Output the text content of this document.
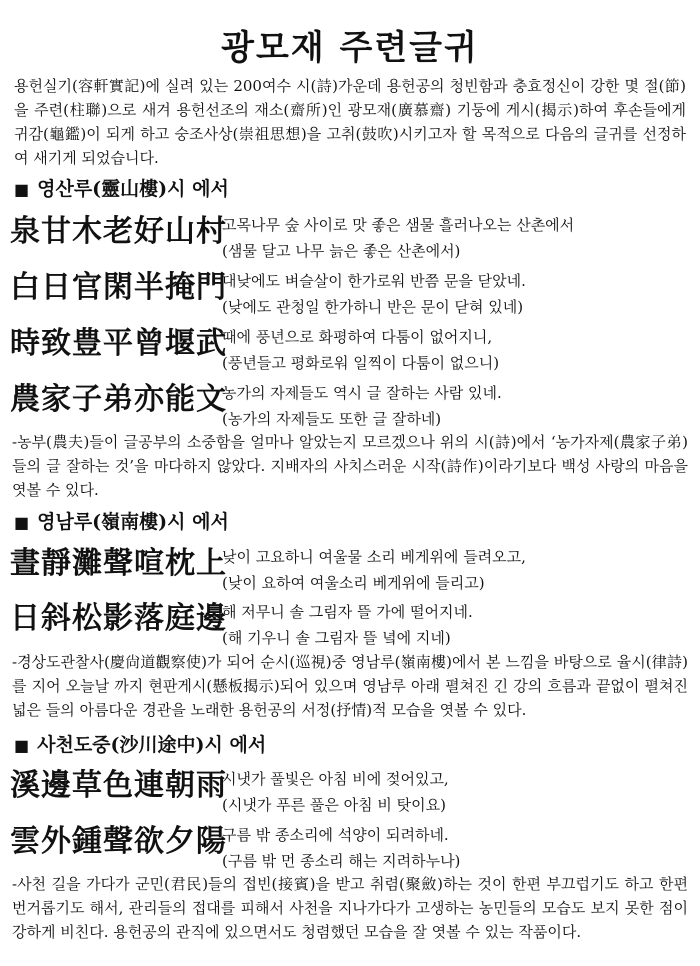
광모재 주련글귀
용헌실기(容軒實記)에 실려 있는 200여수 시(詩)가운데 용헌공의 청빈함과 충효정신이 강한 몇 절(節)을 주련(柱聯)으로 새겨 용헌선조의 재소(齋所)인 광모재(廣慕齋) 기둥에 게시(揭示)하여 후손들에게 귀감(龜鑑)이 되게 하고 숭조사상(崇祖思想)을 고취(鼓吹)시키고자 할 목적으로 다음의 글귀를 선정하여 새기게 되었습니다.
■ 영산루(靈山樓)시 에서
泉甘木老好山村
고목나무 숲 사이로 맛 좋은 샘물 흘러나오는 산촌에서
(샘물 달고 나무 늙은 좋은 산촌에서)
白日官閑半掩門
대낮에도 벼슬살이 한가로워 반쯤 문을 닫았네.
(낮에도 관청일 한가하니 반은 문이 닫혀 있네)
時致豊平曾堰武
때에 풍년으로 화평하여 다툼이 없어지니,
(풍년들고 평화로워 일찍이 다툼이 없으니)
農家子弟亦能文
농가의 자제들도 역시 글 잘하는 사람 있네.
(농가의 자제들도 또한 글 잘하네)
-농부(農夫)들이 글공부의 소중함을 얼마나 알았는지 모르겠으나 위의 시(詩)에서 ‘농가자제(農家子弟)들의 글 잘하는 것’을 마다하지 않았다. 지배자의 사치스러운 시작(詩作)이라기보다 백성 사랑의 마음을 엿볼 수 있다.
■ 영남루(嶺南樓)시 에서
晝靜灘聲喧枕上
낮이 고요하니 여울물 소리 베게위에 들려오고,
(낮이 요하여 여울소리 베게위에 들리고)
日斜松影落庭邊
해 저무니 솔 그림자 뜰 가에 떨어지네.
(해 기우니 솔 그림자 뜰 녘에 지네)
-경상도관찰사(慶尙道觀察使)가 되어 순시(巡視)중 영남루(嶺南樓)에서 본 느낌을 바탕으로 율시(律詩)를 지어 오늘날 까지 현판게시(懸板揭示)되어 있으며 영남루 아래 펼쳐진 긴 강의 흐름과 끝없이 펼쳐진 넓은 들의 아름다운 경관을 노래한 용헌공의 서정(抒情)적 모습을 엿볼 수 있다.
■ 사천도중(沙川途中)시 에서
溪邊草色連朝雨
시냇가 풀빛은 아침 비에 젖어있고,
(시냇가 푸른 풀은 아침 비 탓이요)
雲外鍾聲欲夕陽
구름 밖 종소리에 석양이 되려하네.
(구름 밖 먼 종소리 해는 지려하누나)
-사천 길을 가다가 군민(君民)들의 접빈(接賓)을 받고 취렴(聚斂)하는 것이 한편 부끄럽기도 하고 한편 번거롭기도 해서, 관리들의 접대를 피해서 사천을 지나가다가 고생하는 농민들의 모습도 보지 못한 점이 강하게 비친다. 용헌공의 관직에 있으면서도 청렴했던 모습을 잘 엿볼 수 있는 작품이다.
